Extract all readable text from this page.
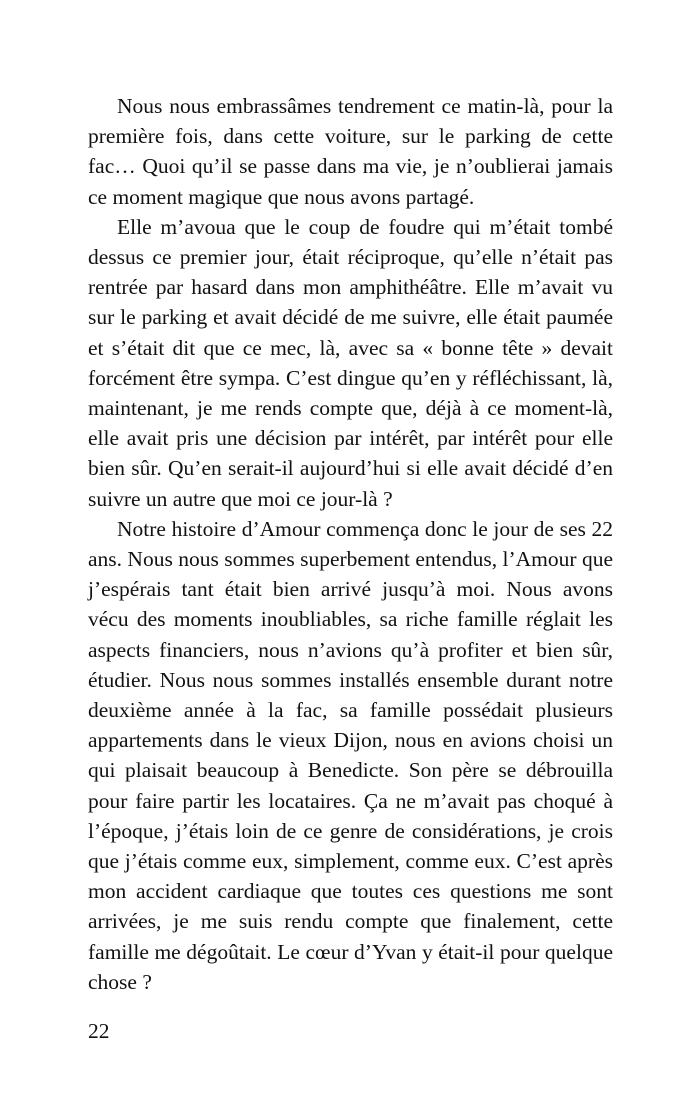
Nous nous embrassâmes tendrement ce matin-là, pour la première fois, dans cette voiture, sur le parking de cette fac… Quoi qu’il se passe dans ma vie, je n’oublierai jamais ce moment magique que nous avons partagé.

Elle m’avoua que le coup de foudre qui m’était tombé dessus ce premier jour, était réciproque, qu’elle n’était pas rentrée par hasard dans mon amphithéâtre. Elle m’avait vu sur le parking et avait décidé de me suivre, elle était paumée et s’était dit que ce mec, là, avec sa « bonne tête » devait forcément être sympa. C’est dingue qu’en y réfléchissant, là, maintenant, je me rends compte que, déjà à ce moment-là, elle avait pris une décision par intérêt, par intérêt pour elle bien sûr. Qu’en serait-il aujourd’hui si elle avait décidé d’en suivre un autre que moi ce jour-là ?

Notre histoire d’Amour commença donc le jour de ses 22 ans. Nous nous sommes superbement entendus, l’Amour que j’espérais tant était bien arrivé jusqu’à moi. Nous avons vécu des moments inoubliables, sa riche famille réglait les aspects financiers, nous n’avions qu’à profiter et bien sûr, étudier. Nous nous sommes installés ensemble durant notre deuxième année à la fac, sa famille possédait plusieurs appartements dans le vieux Dijon, nous en avions choisi un qui plaisait beaucoup à Benedicte. Son père se débrouilla pour faire partir les locataires. Ça ne m’avait pas choqué à l’époque, j’étais loin de ce genre de considérations, je crois que j’étais comme eux, simplement, comme eux. C’est après mon accident cardiaque que toutes ces questions me sont arrivées, je me suis rendu compte que finalement, cette famille me dégoûtait. Le cœur d’Yvan y était-il pour quelque chose ?

22
